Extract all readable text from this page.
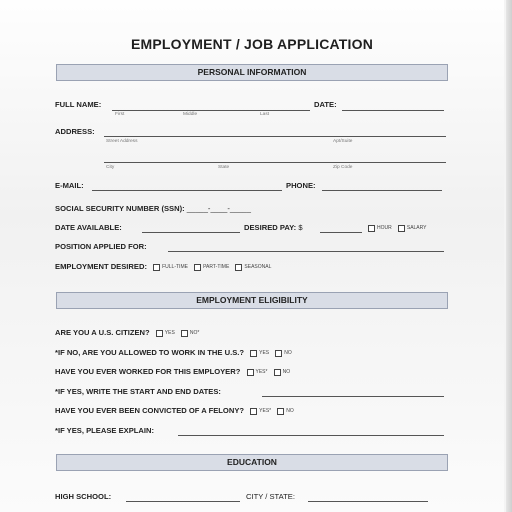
EMPLOYMENT / JOB APPLICATION
PERSONAL INFORMATION
FULL NAME:	DATE:
First	Middle	Last
ADDRESS:
Street Address	Apt/Suite
City	State	Zip Code
E-MAIL:	PHONE:
SOCIAL SECURITY NUMBER (SSN): _____-____-_____
DATE AVAILABLE:	DESIRED PAY: $	HOUR	SALARY
POSITION APPLIED FOR:
EMPLOYMENT DESIRED:	FULL-TIME	PART-TIME	SEASONAL
EMPLOYMENT ELIGIBILITY
ARE YOU A U.S. CITIZEN?	YES	NO*
*IF NO, ARE YOU ALLOWED TO WORK IN THE U.S.?	YES	NO
HAVE YOU EVER WORKED FOR THIS EMPLOYER?	YES*	NO
*IF YES, WRITE THE START AND END DATES:
HAVE YOU EVER BEEN CONVICTED OF A FELONY?	YES*	NO
*IF YES, PLEASE EXPLAIN:
EDUCATION
HIGH SCHOOL:	CITY / STATE:
